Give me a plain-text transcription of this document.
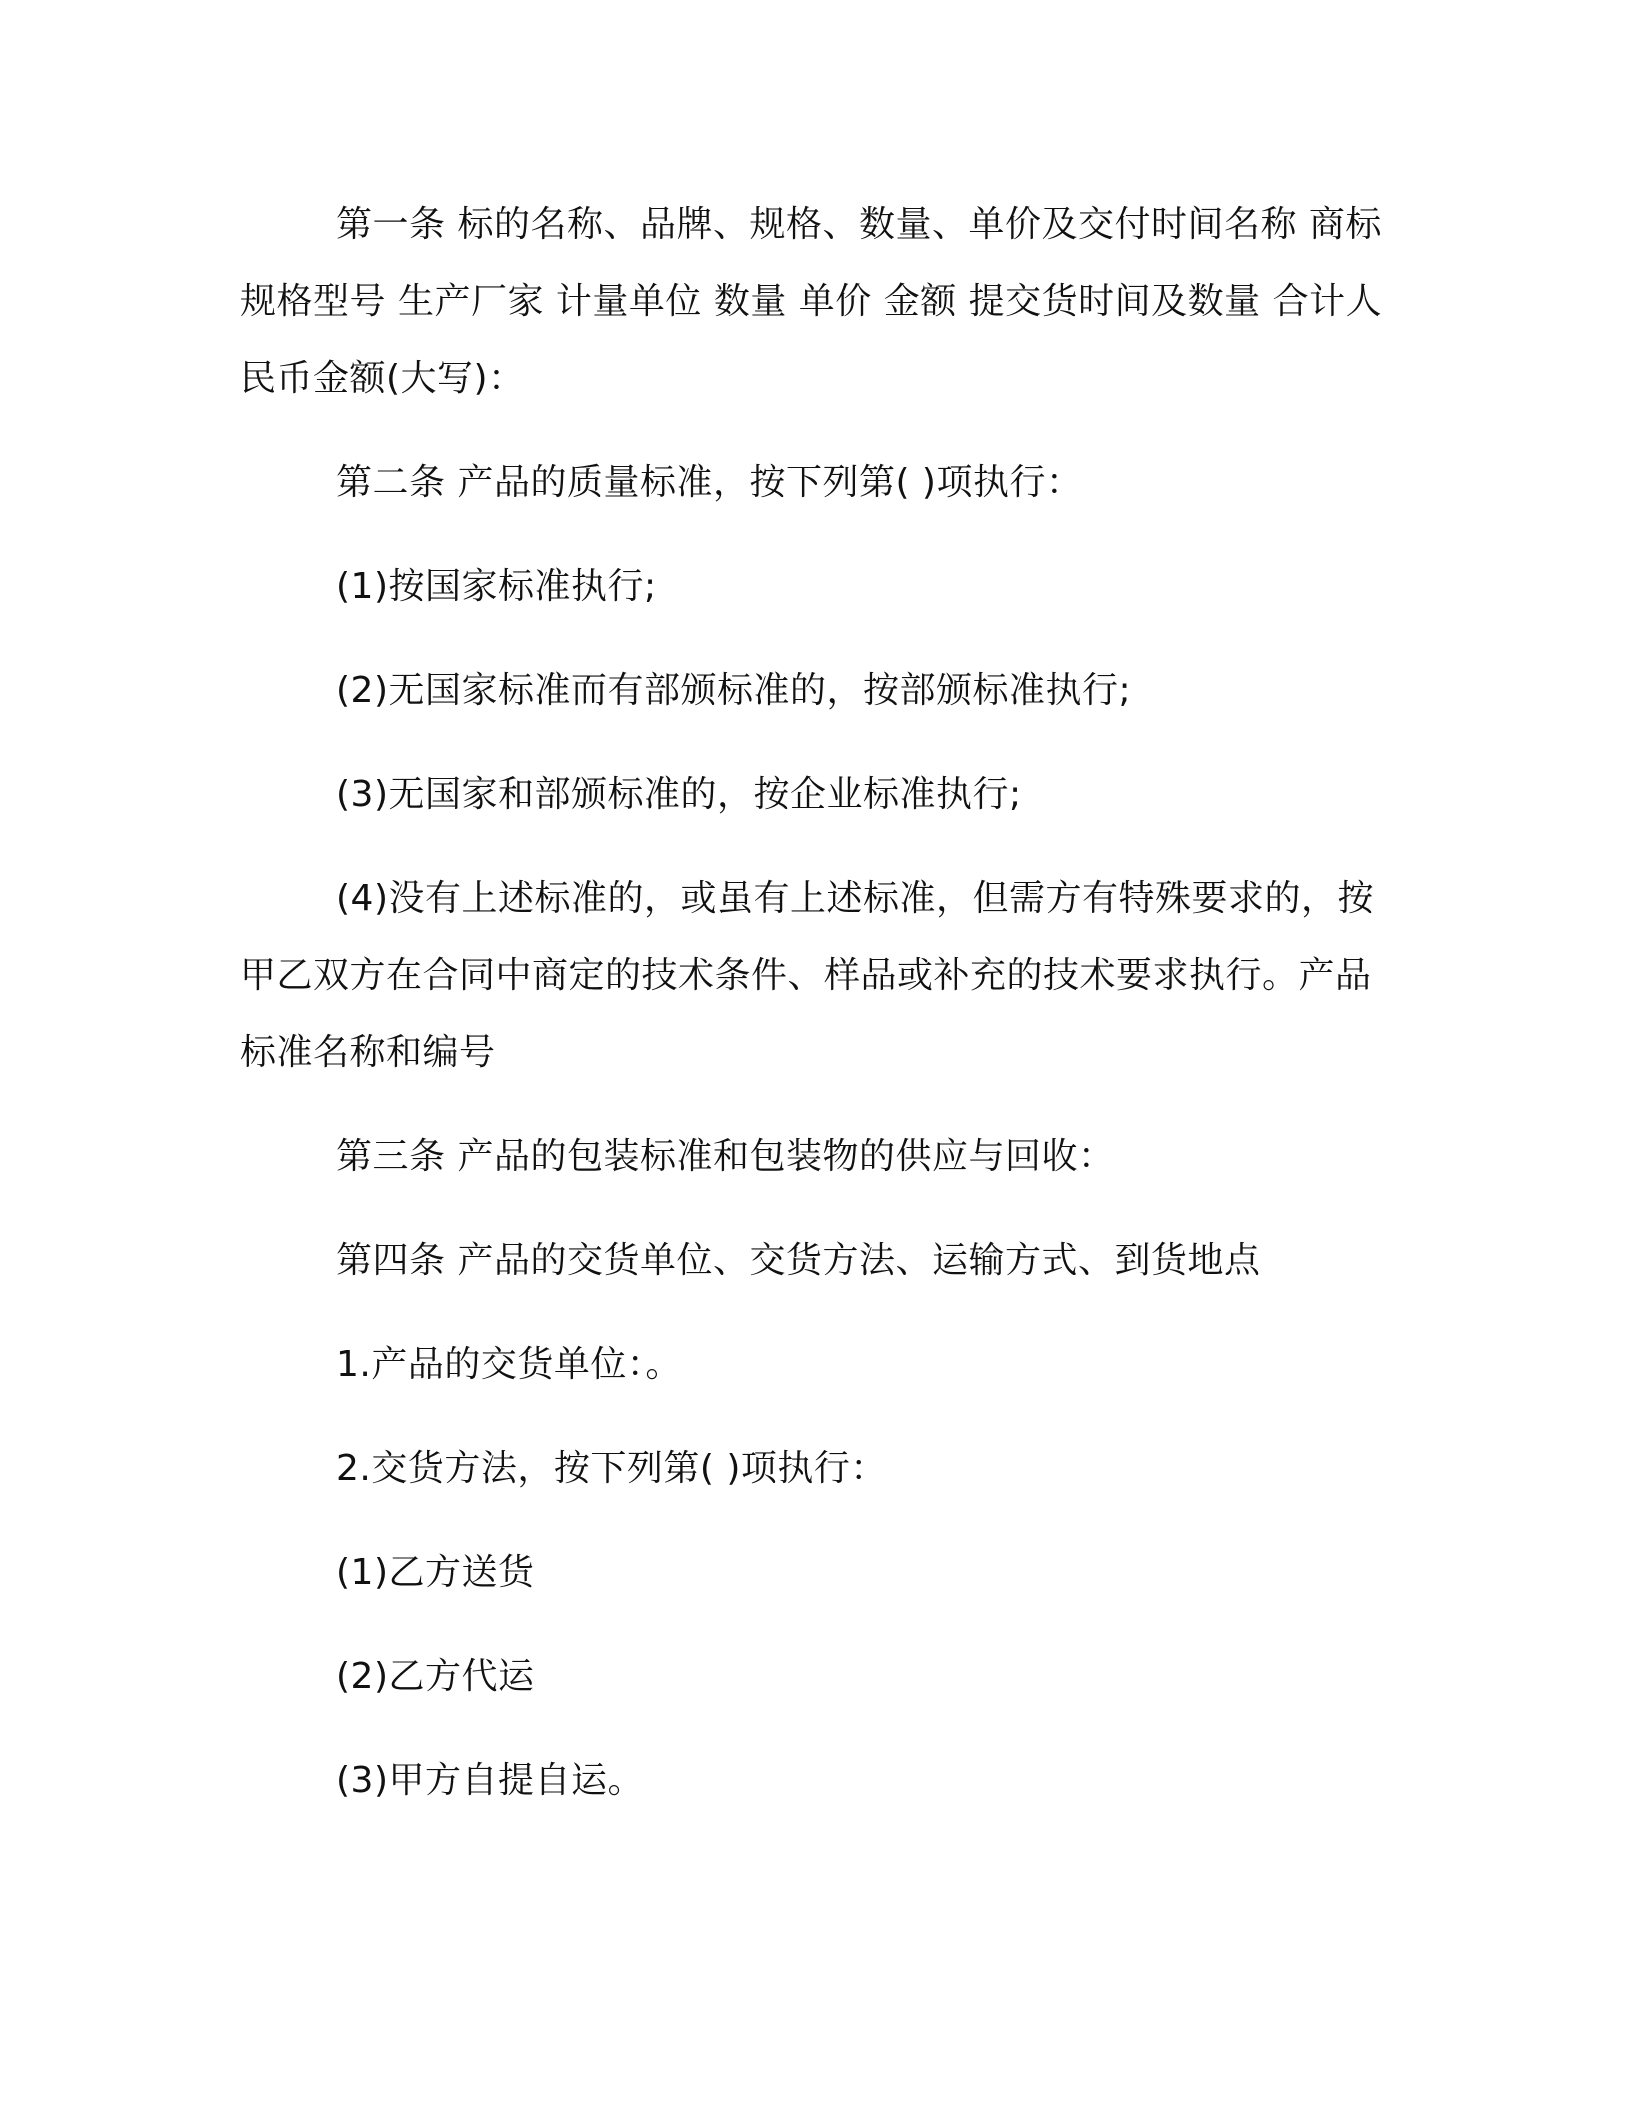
第一条 标的名称、品牌、规格、数量、单价及交付时间名称 商标 规格型号 生产厂家 计量单位 数量 单价 金额 提交货时间及数量 合计人民币金额(大写)：

第二条 产品的质量标准，按下列第( )项执行：

(1)按国家标准执行;

(2)无国家标准而有部颁标准的，按部颁标准执行;

(3)无国家和部颁标准的，按企业标准执行;

(4)没有上述标准的，或虽有上述标准，但需方有特殊要求的，按甲乙双方在合同中商定的技术条件、样品或补充的技术要求执行。产品标准名称和编号

第三条 产品的包装标准和包装物的供应与回收：

第四条 产品的交货单位、交货方法、运输方式、到货地点

1.产品的交货单位：。

2.交货方法，按下列第( )项执行：

(1)乙方送货

(2)乙方代运

(3)甲方自提自运。
